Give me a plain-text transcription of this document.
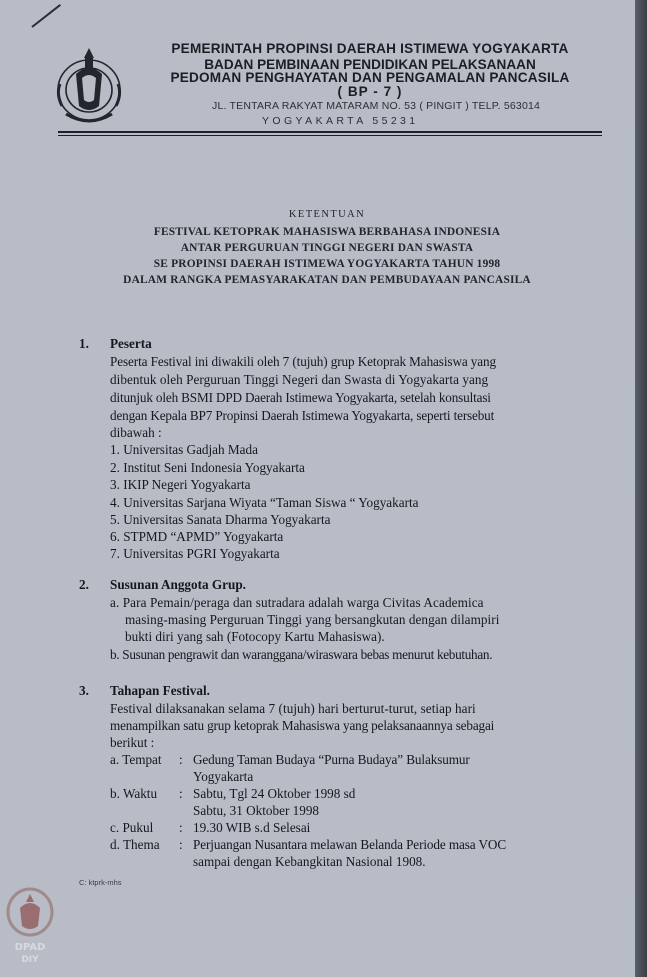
PEMERINTAH PROPINSI DAERAH ISTIMEWA YOGYAKARTA
BADAN PEMBINAAN PENDIDIKAN PELAKSANAAN
PEDOMAN PENGHAYATAN DAN PENGAMALAN PANCASILA
( BP - 7 )
JL. TENTARA RAKYAT MATARAM NO. 53 ( PINGIT ) TELP. 563014
YOGYAKARTA 55231
KETENTUAN
FESTIVAL KETOPRAK MAHASISWA BERBAHASA INDONESIA
ANTAR PERGURUAN TINGGI NEGERI DAN SWASTA
SE PROPINSI DAERAH ISTIMEWA YOGYAKARTA TAHUN 1998
DALAM RANGKA PEMASYARAKATAN DAN PEMBUDAYAAN PANCASILA
1. Peserta
Peserta Festival ini diwakili oleh 7 (tujuh) grup Ketoprak Mahasiswa yang
dibentuk oleh Perguruan Tinggi Negeri dan Swasta di Yogyakarta yang
ditunjuk oleh BSMI DPD Daerah Istimewa Yogyakarta, setelah konsultasi
dengan Kepala BP7 Propinsi Daerah Istimewa Yogyakarta, seperti tersebut
dibawah :
1. Universitas Gadjah Mada
2. Institut Seni Indonesia Yogyakarta
3. IKIP Negeri Yogyakarta
4. Universitas Sarjana Wiyata “Taman Siswa “ Yogyakarta
5. Universitas Sanata Dharma Yogyakarta
6. STPMD “APMD” Yogyakarta
7. Universitas PGRI Yogyakarta
2. Susunan Anggota Grup.
a. Para Pemain/peraga dan sutradara adalah warga Civitas Academica
masing-masing Perguruan Tinggi yang bersangkutan dengan dilampiri
bukti diri yang sah (Fotocopy Kartu Mahasiswa).
b. Susunan pengrawit dan waranggana/wiraswara bebas menurut kebutuhan.
3. Tahapan Festival.
Festival dilaksanakan selama 7 (tujuh) hari berturut-turut, setiap hari
menampilkan satu grup ketoprak Mahasiswa yang pelaksanaannya sebagai
berikut :
a. Tempat : Gedung Taman Budaya “Purna Budaya” Bulaksumur
Yogyakarta
b. Waktu : Sabtu, Tgl 24 Oktober 1998 sd
Sabtu, 31 Oktober 1998
c. Pukul : 19.30 WIB s.d Selesai
d. Thema : Perjuangan Nusantara melawan Belanda Periode masa VOC
sampai dengan Kebangkitan Nasional 1908.
C: ktprk-mhs
DPAD
DIY
